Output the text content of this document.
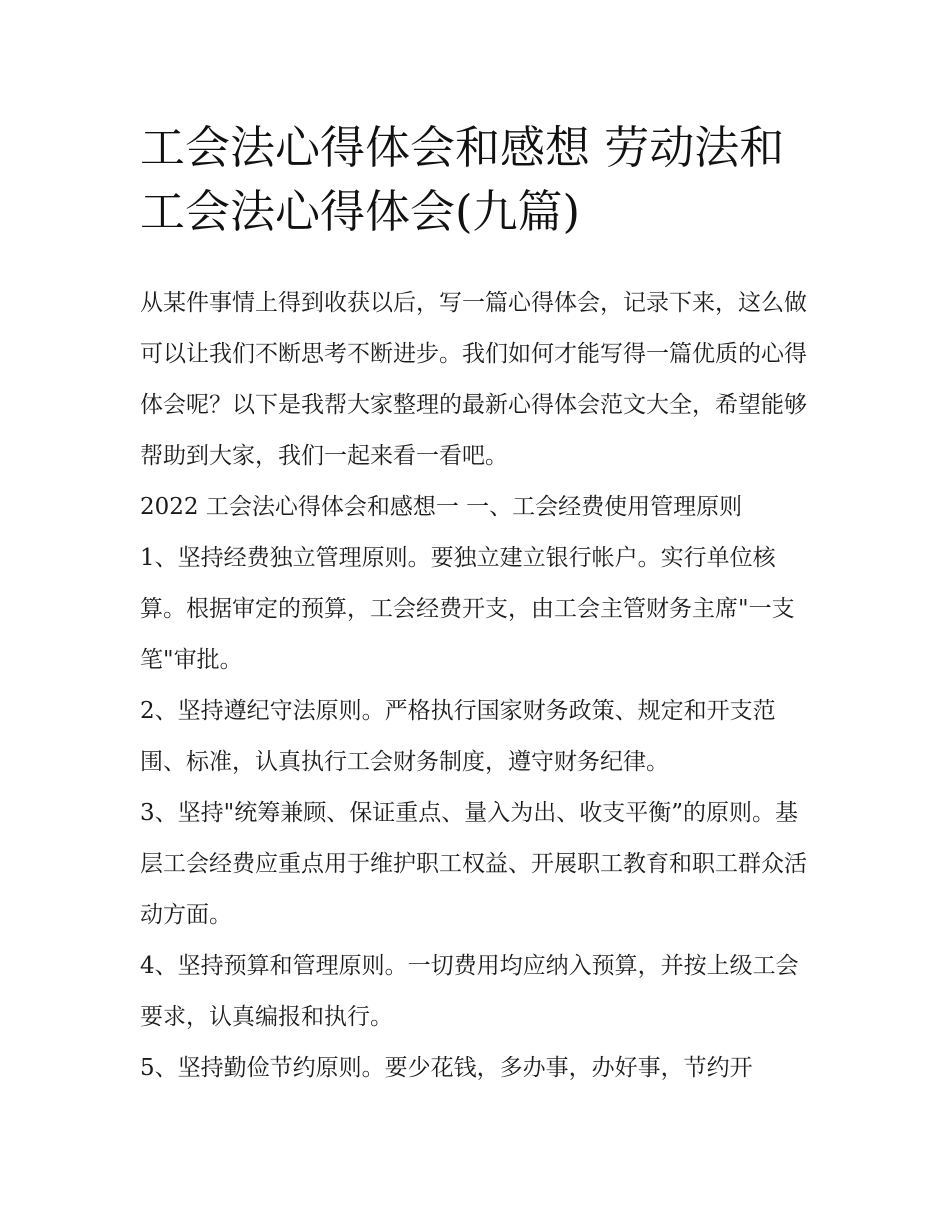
工会法心得体会和感想 劳动法和工会法心得体会(九篇)

从某件事情上得到收获以后，写一篇心得体会，记录下来，这么做可以让我们不断思考不断进步。我们如何才能写得一篇优质的心得体会呢？以下是我帮大家整理的最新心得体会范文大全，希望能够帮助到大家，我们一起来看一看吧。

2022 工会法心得体会和感想一 一、工会经费使用管理原则

1、坚持经费独立管理原则。要独立建立银行帐户。实行单位核算。根据审定的预算，工会经费开支，由工会主管财务主席"一支笔"审批。

2、坚持遵纪守法原则。严格执行国家财务政策、规定和开支范围、标准，认真执行工会财务制度，遵守财务纪律。

3、坚持"统筹兼顾、保证重点、量入为出、收支平衡”的原则。基层工会经费应重点用于维护职工权益、开展职工教育和职工群众活动方面。

4、坚持预算和管理原则。一切费用均应纳入预算，并按上级工会要求，认真编报和执行。

5、坚持勤俭节约原则。要少花钱，多办事，办好事，节约开
